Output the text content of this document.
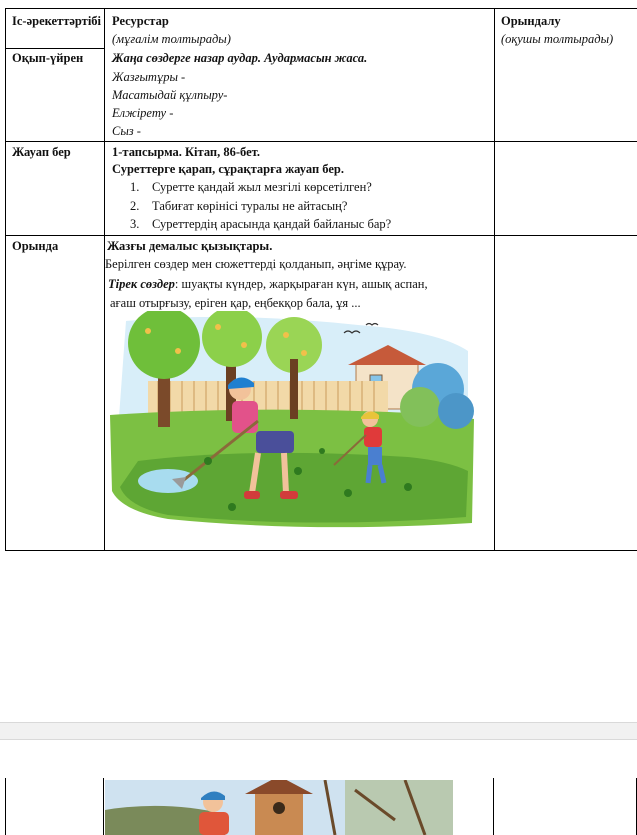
Іс-әрекеттәртібі Ресурстар
(мұғалім толтырады)
Орындалу
(оқушы толтырады)
Оқып-үйрен Жаңа сөздерге назар аудар. Аудармасын жаса.
Жазғытұры -
Масатыдай құлпыру-
Елжірету -
Сыз -
Жауап бер	1-тапсырма. Кітап, 86-бет.
Суреттерге қарап, сұрақтарға жауап бер.
1. Суретте қандай жыл мезгілі көрсетілген?
2. Табиғат көрінісі туралы не айтасың?
3. Суреттердің арасында қандай байланыс бар?
Орында	Жазғы демалыс қызықтары.
Берілген сөздер мен сюжеттерді қолданып, әңгіме құрау.
Тірек сөздер: шуақты күндер, жарқыраған күн, ашық аспан,
ағаш отырғызу, еріген қар, еңбекқор бала, ұя ...
